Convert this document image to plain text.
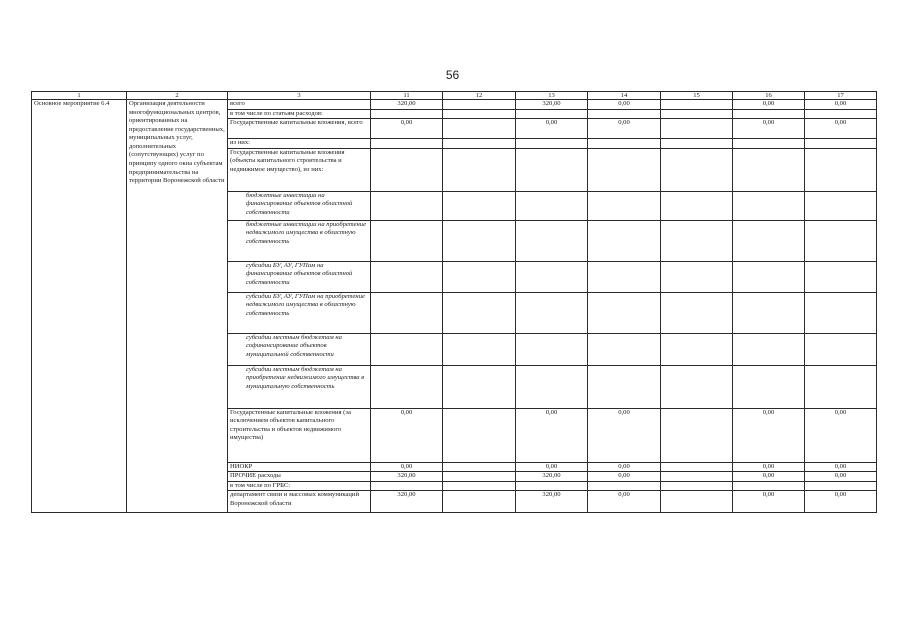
56
1	2	3	11	12	13	14	15	16	17
Основное мероприятие 6.4	Организация деятельности многофункциональных центров, ориентированных на предоставление государственных, муниципальных услуг, дополнительных (сопутствующих) услуг по принципу одного окна субъектам предпринимательства на территории Воронежской области	всего	320,00		320,00	0,00		0,00	0,00
		в том числе по статьям расходов:							
		Государственные капитальные вложения, всего	0,00		0,00	0,00		0,00	0,00
		из них:							
		Государственные капитальные вложения (объекты капитального строительства и недвижимое имущество), из них:							
		бюджетные инвестиции на финансирование объектов областной собственности							
		бюджетные инвестиции на приобретение недвижимого имущества в областную собственность							
		субсидии БУ, АУ, ГУПам на финансирование объектов областной собственности							
		субсидии БУ, АУ, ГУПам на приобретение недвижимого имущества в областную собственность							
		субсидии местным бюджетам на софинансирование объектов муниципальной собственности							
		субсидии местным бюджетам на приобретение недвижимого имущества в муниципальную собственность							
		Государстенные капитальные вложения (за исключением объектов капитального строительства и объектов недвижимого имущества)	0,00		0,00	0,00		0,00	0,00
		НИОКР	0,00		0,00	0,00		0,00	0,00
		ПРОЧИЕ расходы	320,00		320,00	0,00		0,00	0,00
		в том числе по ГРБС:							
		департамент связи и массовых коммуникаций Воронежской области	320,00		320,00	0,00		0,00	0,00
